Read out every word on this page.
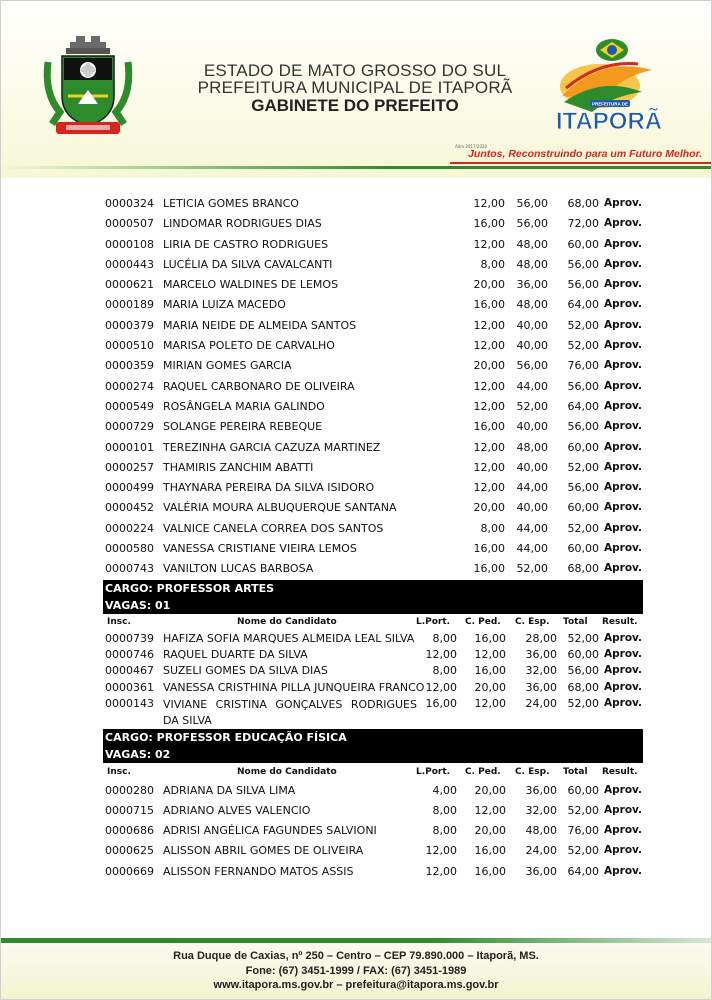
ESTADO DE MATO GROSSO DO SUL
PREFEITURA MUNICIPAL DE ITAPORÃ
GABINETE DO PREFEITO	PREFEITURA DE
ITAPORÃ
Adm 2017/2020
Juntos, Reconstruindo para um Futuro Melhor.
0000324 LETICIA GOMES BRANCO	12,00 56,00 68,00 Aprov.
0000507 LINDOMAR RODRIGUES DIAS	16,00 56,00 72,00 Aprov.
0000108 LIRIA DE CASTRO RODRIGUES	12,00 48,00 60,00 Aprov.
0000443 LUCÉLIA DA SILVA CAVALCANTI	8,00 48,00 56,00 Aprov.
0000621 MARCELO WALDINES DE LEMOS	20,00 36,00 56,00 Aprov.
0000189 MARIA LUIZA MACEDO	16,00 48,00 64,00 Aprov.
0000379 MARIA NEIDE DE ALMEIDA SANTOS	12,00 40,00 52,00 Aprov.
0000510 MARISA POLETO DE CARVALHO	12,00 40,00 52,00 Aprov.
0000359 MIRIAN GOMES GARCIA	20,00 56,00 76,00 Aprov.
0000274 RAQUEL CARBONARO DE OLIVEIRA	12,00 44,00 56,00 Aprov.
0000549 ROSÂNGELA MARIA GALINDO	12,00 52,00 64,00 Aprov.
0000729 SOLANGE PEREIRA REBEQUE	16,00 40,00 56,00 Aprov.
0000101 TEREZINHA GARCIA CAZUZA MARTINEZ	12,00 48,00 60,00 Aprov.
0000257 THAMIRIS ZANCHIM ABATTI	12,00 40,00 52,00 Aprov.
0000499 THAYNARA PEREIRA DA SILVA ISIDORO	12,00 44,00 56,00 Aprov.
0000452 VALÉRIA MOURA ALBUQUERQUE SANTANA	20,00 40,00 60,00 Aprov.
0000224 VALNICE CANELA CORREA DOS SANTOS	8,00 44,00 52,00 Aprov.
0000580 VANESSA CRISTIANE VIEIRA LEMOS	16,00 44,00 60,00 Aprov.
0000743 VANILTON LUCAS BARBOSA	16,00 52,00 68,00 Aprov.
CARGO: PROFESSOR ARTES
VAGAS: 01
Insc.	Nome do Candidato	L.Port. C. Ped. C. Esp. Total Result.
0000739 HAFIZA SOFIA MARQUES ALMEIDA LEAL SILVA 8,00 16,00 28,00 52,00 Aprov.
0000746 RAQUEL DUARTE DA SILVA	12,00 12,00 36,00 60,00 Aprov.
0000467 SUZELI GOMES DA SILVA DIAS	8,00 16,00 32,00 56,00 Aprov.
0000361 VANESSA CRISTHINA PILLA JUNQUEIRA FRANCO 12,00 20,00 36,00 68,00 Aprov.
0000143 VIVIANE CRISTINA GONÇALVES RODRIGUES DA SILVA
16,00 12,00 24,00 52,00 Aprov.
CARGO: PROFESSOR EDUCAÇÃO FÍSICA
VAGAS: 02
Insc.	Nome do Candidato	L.Port. C. Ped. C. Esp. Total Result.
0000280 ADRIANA DA SILVA LIMA	4,00 20,00 36,00 60,00 Aprov.
0000715 ADRIANO ALVES VALENCIO	8,00 12,00 32,00 52,00 Aprov.
0000686 ADRISI ANGÉLICA FAGUNDES SALVIONI	8,00 20,00 48,00 76,00 Aprov.
0000625 ALISSON ABRIL GOMES DE OLIVEIRA	12,00 16,00 24,00 52,00 Aprov.
0000669 ALISSON FERNANDO MATOS ASSIS	12,00 16,00 36,00 64,00 Aprov.
Rua Duque de Caxias, nº 250 – Centro – CEP 79.890.000 – Itaporã, MS.
Fone: (67) 3451-1999 / FAX: (67) 3451-1989
www.itapora.ms.gov.br – prefeitura@itapora.ms.gov.br
